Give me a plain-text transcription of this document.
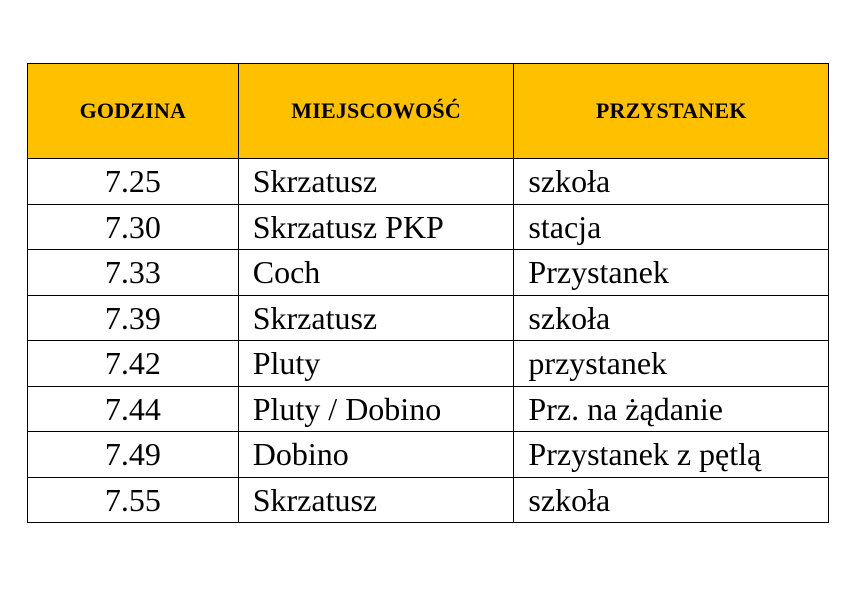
GODZINA	MIEJSCOWOŚĆ	PRZYSTANEK
7.25	Skrzatusz	szkoła
7.30	Skrzatusz PKP	stacja
7.33	Coch	Przystanek
7.39	Skrzatusz	szkoła
7.42	Pluty	przystanek
7.44	Pluty / Dobino	Prz. na żądanie
7.49	Dobino	Przystanek z pętlą
7.55	Skrzatusz	szkoła
